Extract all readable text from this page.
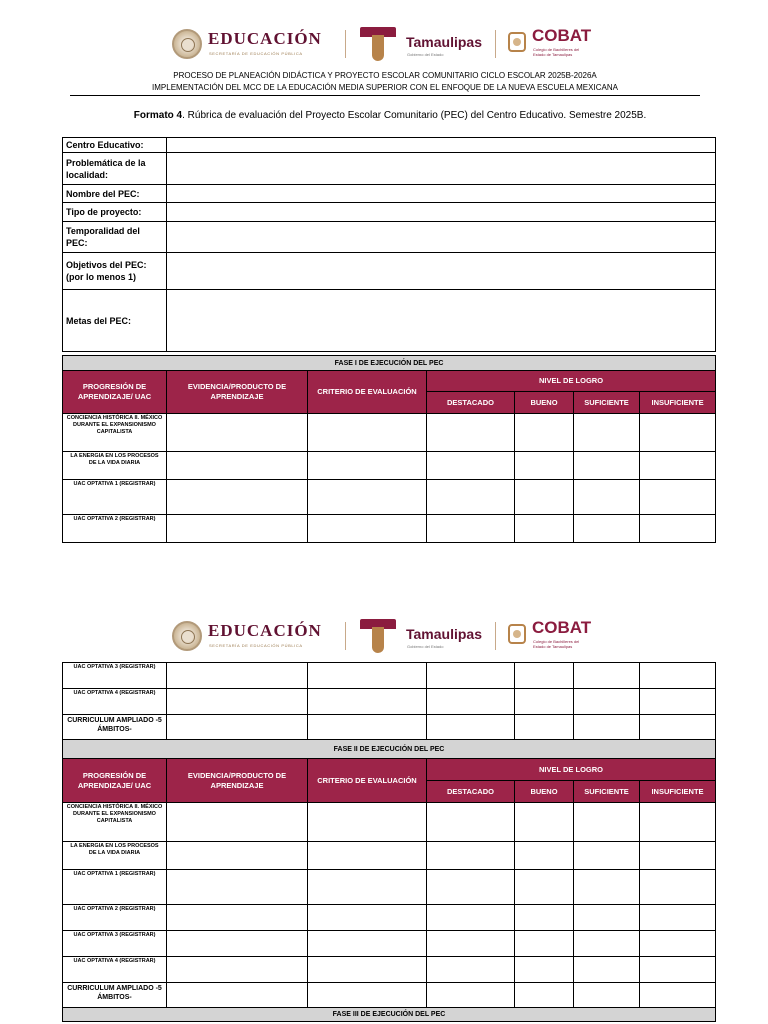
EDUCACIÓN
SECRETARÍA DE EDUCACIÓN PÚBLICA
Tamaulipas
Gobierno del Estado
COBAT
Colegio de Bachilleres del
Estado de Tamaulipas
PROCESO DE PLANEACIÓN DIDÁCTICA Y PROYECTO ESCOLAR COMUNITARIO CICLO ESCOLAR 2025B-2026A
IMPLEMENTACIÓN DEL MCC DE LA EDUCACIÓN MEDIA SUPERIOR CON EL ENFOQUE DE LA NUEVA ESCUELA MEXICANA
Formato 4. Rúbrica de evaluación del Proyecto Escolar Comunitario (PEC) del Centro Educativo. Semestre 2025B.
Centro Educativo:	
Problemática de la localidad:	
Nombre del PEC:	
Tipo de proyecto:	
Temporalidad del PEC:	
Objetivos del PEC: (por lo menos 1)	
Metas del PEC:	
FASE I DE EJECUCIÓN DEL PEC						
PROGRESIÓN DE APRENDIZAJE/ UAC	EVIDENCIA/PRODUCTO DE APRENDIZAJE	CRITERIO DE EVALUACIÓN	NIVEL DE LOGRO			
			DESTACADO	BUENO	SUFICIENTE	INSUFICIENTE
CONCIENCIA HISTÓRICA II. MÉXICO DURANTE EL EXPANSIONISMO CAPITALISTA						
LA ENERGIA EN LOS PROCESOS DE LA VIDA DIARIA						
UAC OPTATIVA 1 (REGISTRAR)						
UAC OPTATIVA 2 (REGISTRAR)						
EDUCACIÓN
SECRETARÍA DE EDUCACIÓN PÚBLICA
Tamaulipas
Gobierno del Estado
COBAT
Colegio de Bachilleres del
Estado de Tamaulipas
UAC OPTATIVA 3 (REGISTRAR)						
UAC OPTATIVA 4 (REGISTRAR)						
CURRICULUM AMPLIADO -5 ÁMBITOS-						
FASE II DE EJECUCIÓN DEL PEC						
PROGRESIÓN DE APRENDIZAJE/ UAC	EVIDENCIA/PRODUCTO DE APRENDIZAJE	CRITERIO DE EVALUACIÓN	NIVEL DE LOGRO			
			DESTACADO	BUENO	SUFICIENTE	INSUFICIENTE
CONCIENCIA HISTÓRICA II. MÉXICO DURANTE EL EXPANSIONISMO CAPITALISTA						
LA ENERGIA EN LOS PROCESOS DE LA VIDA DIARIA						
UAC OPTATIVA 1 (REGISTRAR)						
UAC OPTATIVA 2 (REGISTRAR)						
UAC OPTATIVA 3 (REGISTRAR)						
UAC OPTATIVA 4 (REGISTRAR)						
CURRICULUM AMPLIADO -5 ÁMBITOS-						
FASE III DE EJECUCIÓN DEL PEC						
